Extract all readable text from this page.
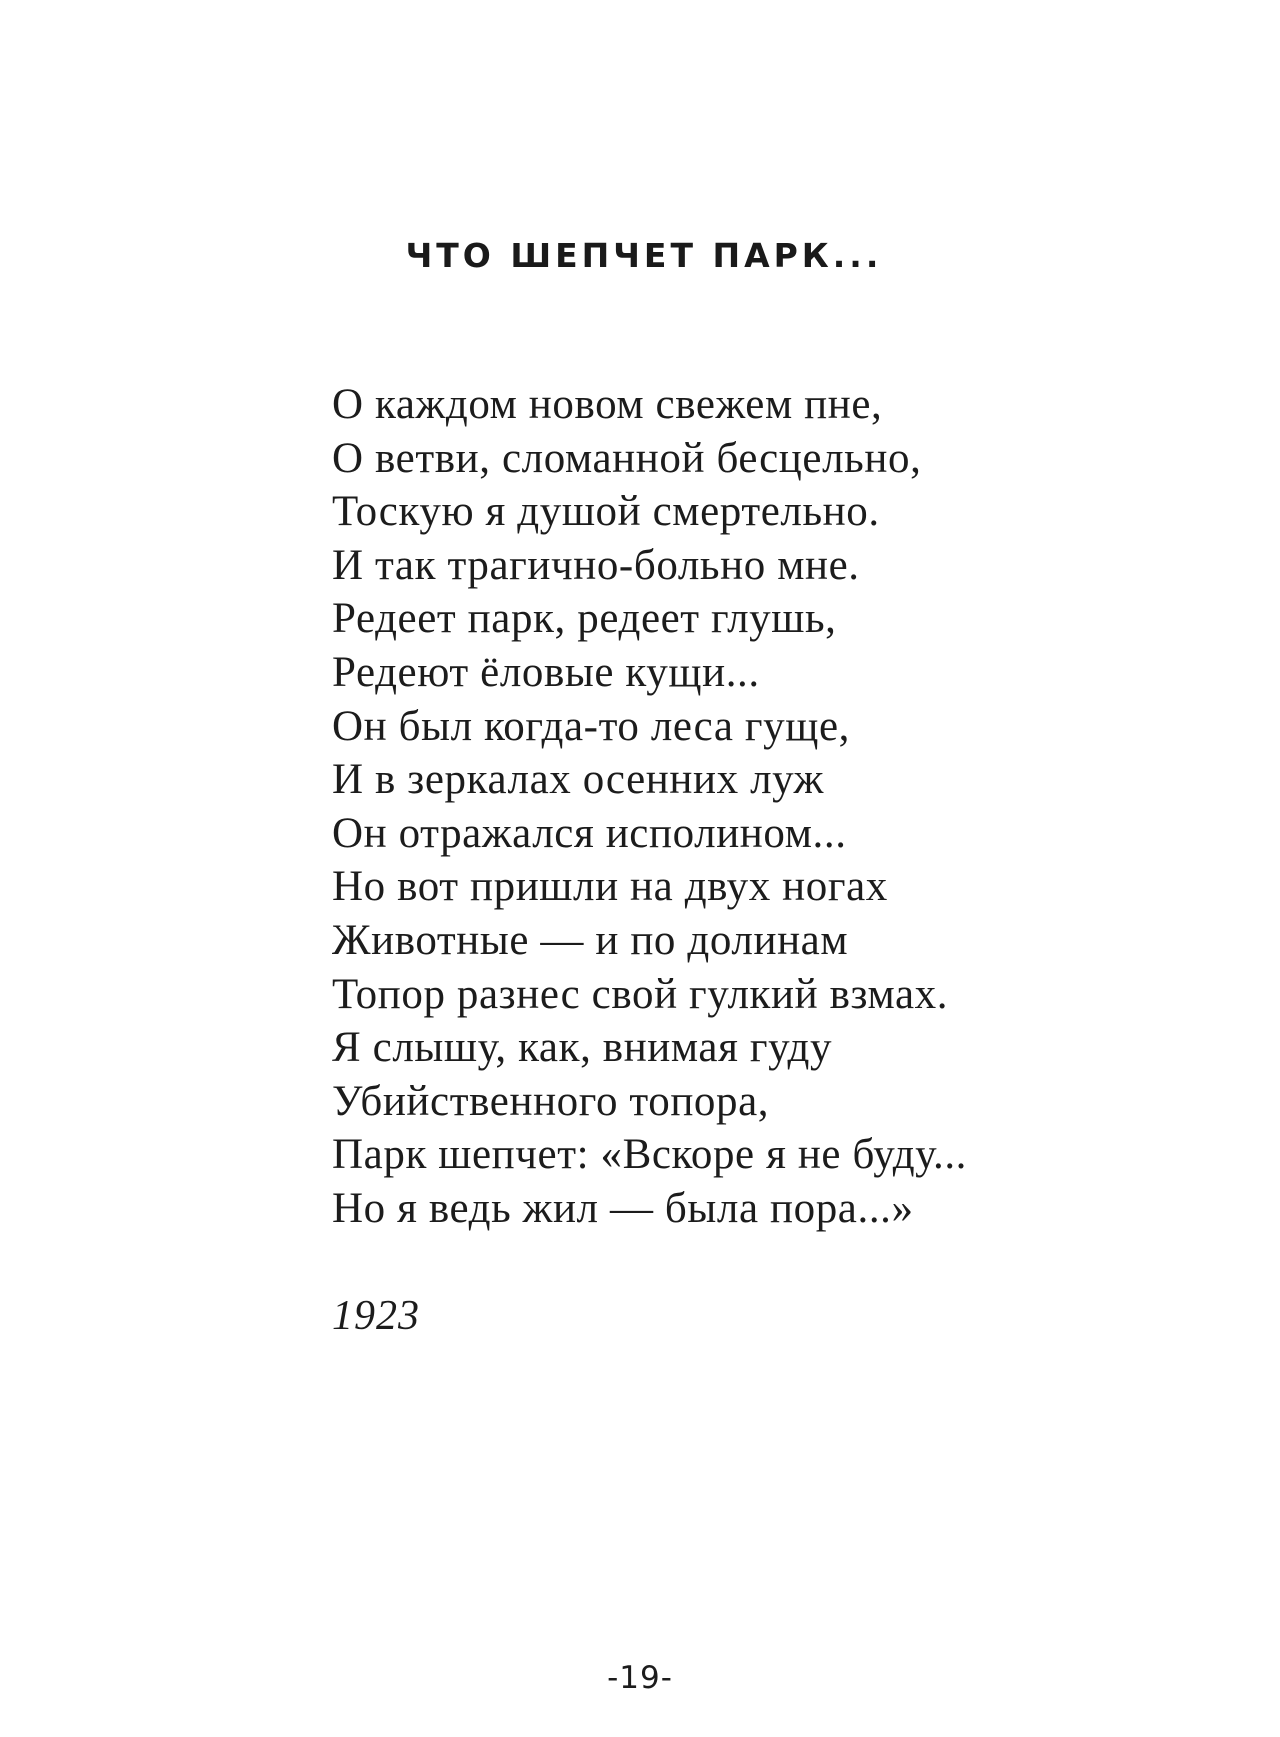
ЧТО ШЕПЧЕТ ПАРК...
О каждом новом свежем пне,
О ветви, сломанной бесцельно,
Тоскую я душой смертельно.
И так трагично-больно мне.
Редеет парк, редеет глушь,
Редеют ёловые кущи...
Он был когда-то леса гуще,
И в зеркалах осенних луж
Он отражался исполином...
Но вот пришли на двух ногах
Животные — и по долинам
Топор разнес свой гулкий взмах.
Я слышу, как, внимая гуду
Убийственного топора,
Парк шепчет: «Вскоре я не буду...
Но я ведь жил — была пора...»
1923
-19-
